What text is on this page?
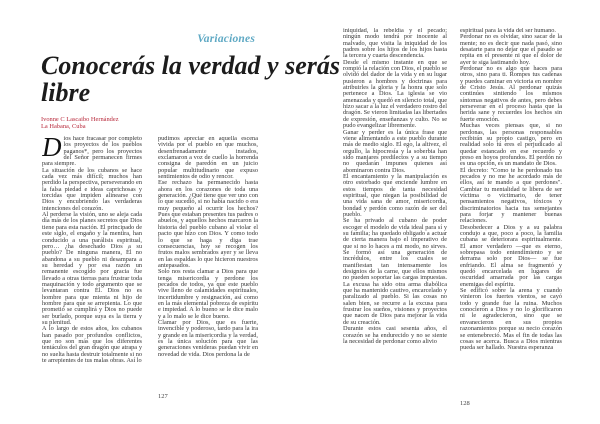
Variaciones
Conocerás la verdad y serás libre
Ivonne C Lascaibo Hernández
La Habana, Cuba

Dios hace fracasar por completo los proyectos de los pueblos paganos*, pero los proyectos del Señor permanecen firmes para siempre.

La situación de los cubanos se hace cada vez más difícil; muchos han perdido la perspectiva, perseverando en la falsa piedad e ideas caprichosas y torcidas que impiden alinearse con Dios y encubriendo las verdaderas intenciones del corazón.

Al perderse la visión, uno se aleja cada día más de los planes secretos que Dios tiene para esta nación. El principado de este siglo, el engaño y la mentira, han conducido a una parálisis espiritual, pero… ¿ha desechado Dios a su pueblo? De ninguna manera, Él no abandona a su pueblo ni desampara a su heredad y por esa razón un remanente escogido por gracia fue llevado a otras tierras para frustrar toda maquinación y todo argumento que se levantaran contra Él. Dios no es hombre para que mienta ni hijo de hombre para que se arrepienta. Lo que prometió se cumplirá y Dios no puede ser burlado, porque suya es la tierra y su plenitud.

A lo largo de estos años, los cubanos han pasado por profundos conflictos, que no son más que los diferentes tentáculos del gran dragón que atrapa y no suelta hasta destruir totalmente si no te arrepientes de tus malas obras. Así lo

pudimos apreciar en aquella escena vivida por el pueblo en que muchos, desenfrenadamente instados, exclamaron a voz de cuello la horrenda consigna de paredón en un juicio popular multitudinario que expuso sentimientos de odio y rencor.

Ese rechazo ha permanecido hasta ahora en los corazones de toda una generación. ¿Qué tiene que ver uno con lo que sucedió, si no había nacido o era muy pequeño al ocurrir los hechos? Pues que estaban presentes tus padres o abuelos, y aquellos hechos marcaron la historia del pueblo cubano al violar el pacto que hizo con Dios. Y como todo lo que se haga y diga trae consecuencias, hoy se recogen los frutos malos sembrados ayer y se lleva en las espaldas lo que hicieron nuestros antepasados.

Solo nos resta clamar a Dios para que tenga misericordia y perdone los pecados de todos, ya que este pueblo vive lleno de calamidades espirituales, incertidumbre y resignación, así como en la más elemental pobreza de espíritu e impiedad. A lo bueno se le dice malo y a lo malo se le dice bueno.

Clamar por Dios, que es fuerte, invencible y poderoso, tardo para la ira y grande en la misericordia y la verdad, es la única solución para que las generaciones venideras puedan vivir en novedad de vida. Dios perdona la de

iniquidad, la rebeldía y el pecado; ningún modo tendrá por inocente al malvado, que visita la iniquidad de los padres sobre los hijos de los hijos hasta la tercera y cuarta descendencia.

Desde el mismo instante en que se rompió la relación con Dios, el pueblo se olvidó del dador de la vida y en su lugar pusieron a hombres y doctrinas para atribuirles la gloria y la honra que solo pertenece a Dios. La iglesia se vio amenazada y quedó en silencio total, que hizo sacar a la luz el verdadero rostro del dragón. Se vieron limitadas las libertades de expresión, enseñanzas y culto. No se pudo evangelizar libremente.

Ganar y perder es la única frase que viene alimentando a este pueblo durante más de medio siglo. El ego, la altivez, el orgullo, la hipocresía y la soberbia han sido manjares predilectos y a su tiempo no quedarán impunes quienes así abominaron contra Dios.

El encantamiento y la manipulación es otro estorbado que enciende lumbre en estos tiempos de tanta necesidad espiritual, que niegan la posibilidad de una vida sana de amor, misericordia, bondad y perdón como razón de ser del pueblo.

Se ha privado al cubano de poder escoger el modelo de vida ideal para sí y su familia; ha quedado obligado a actuar de cierta manera bajo el imperativo de que si no lo haces a mi modo, no sirves. Se formó así una generación de incrédulos, entre los cuales se manifiestan tan intensamente los designios de la carne, que ellos mismos no pueden soportar las cargas impuestas. La excusa ha sido otra arma diabólica que ha mantenido cautivo, encarcelado y paralizado al pueblo. Si las cosas no salen bien, se recurre a la excusa para frustrar los sueños, visiones y proyectos que nacen de Dios para mejorar la vida de su creación.

Durante estos casi sesenta años, el corazón se ha endurecido y no se siente la necesidad de perdonar como alivio

espiritual para la vida del ser humano.

Perdonar no es olvidar, sino sacar de la mente; no es decir que nada pasó, sino desatarte para no dejar que el pasado se repita en el presente ni que el dolor de ayer te siga lastimando hoy.

Perdonar no es algo que haces para otros, sino para ti. Rompes tus cadenas y puedes caminar en victoria en nombre de Cristo Jesús. Al perdonar quizás continúes sintiendo los mismos síntomas negativos de antes, pero debes perseverar en el proceso hasta que la herida sane y recuerdes los hechos sin fuerte emoción.

Muchas veces piensas que, si no perdonas, las personas responsables recibirán su propio castigo, pero en realidad solo tú eres el perjudicado al quedar estancado en ese recuerdo y preso en hoyos profundos. El perdón no es una opción, es un mandato de Dios.

El decreto: "Como te he perdonado tus pecados y no me he acordado más de ellos, así te mando a que perdones". Cambiar tu mentalidad te libera de ser víctima o victimario, de tener pensamientos negativos, tóxicos y discriminatorios hacia tus semejantes para forjar y mantener buenas relaciones.

Desobedecer a Dios y a su palabra condujo a que, poco a poco, la familia cubana se deteriorara espiritualmente. El amor verdadero —que es eterno, sobrepasa todo entendimiento y se derrama solo por Dios— se fue enfriando. El alma se fragmentó y quedó encarcelada en lugares de oscuridad amarrada por las cargas enemigas del espíritu.

Se edificó sobre la arena y cuando vinieron los fuertes vientos, se cayó todo y grande fue la ruina. Muchos conocieron a Dios y no lo glorificaron ni le agradecieron, sino que se envanecieron en sus propios razonamientos porque su necio corazón se entenebreció. Mas el fin de todas las cosas se acerca. Busca a Dios mientras pueda ser hallado. Nuestra esperanza

127
128
